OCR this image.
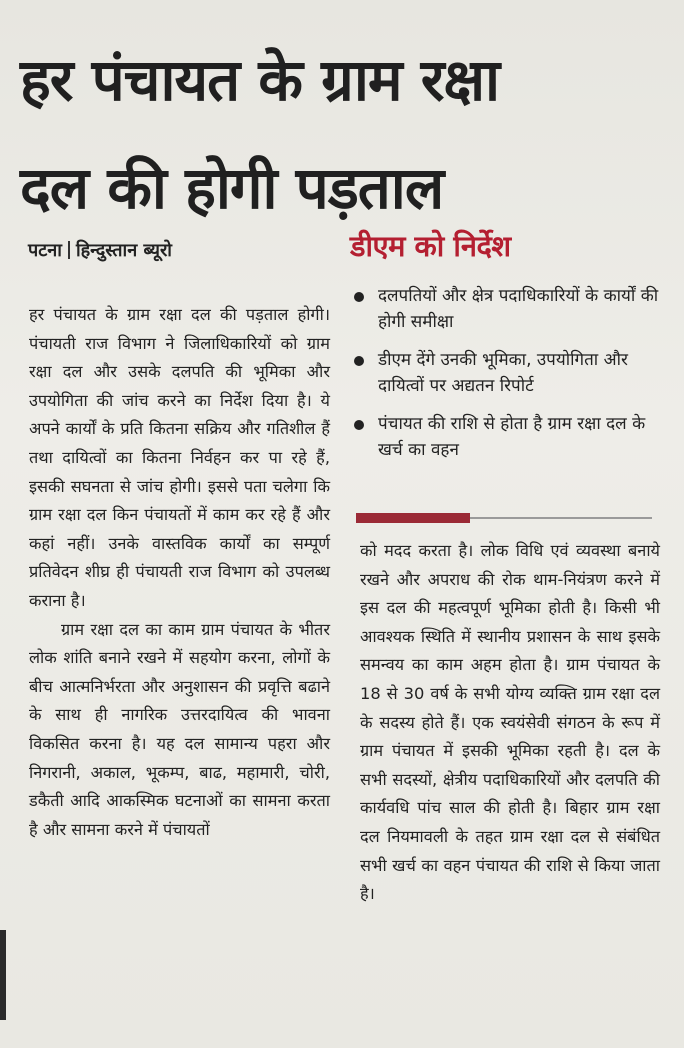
हर पंचायत के ग्राम रक्षा
दल की होगी पड़ताल
पटना हिन्दुस्तान ब्यूरो	डीएम को निर्देश
दलपतियों और क्षेत्र पदाधिकारियों के कार्यों की होगी समीक्षा
डीएम देंगे उनकी भूमिका, उपयोगिता और दायित्वों पर अद्यतन रिपोर्ट
पंचायत की राशि से होता है ग्राम रक्षा दल के खर्च का वहन

हर पंचायत के ग्राम रक्षा दल की पड़ताल होगी। पंचायती राज विभाग ने जिलाधिकारियों को ग्राम रक्षा दल और उसके दलपति की भूमिका और उपयोगिता की जांच करने का निर्देश दिया है। ये अपने कार्यों के प्रति कितना सक्रिय और गतिशील हैं तथा दायित्वों का कितना निर्वहन कर पा रहे हैं, इसकी सघनता से जांच होगी। इससे पता चलेगा कि ग्राम रक्षा दल किन पंचायतों में काम कर रहे हैं और कहां नहीं। उनके वास्तविक कार्यों का सम्पूर्ण प्रतिवेदन शीघ्र ही पंचायती राज विभाग को उपलब्ध कराना है।

ग्राम रक्षा दल का काम ग्राम पंचायत के भीतर लोक शांति बनाने रखने में सहयोग करना, लोगों के बीच आत्मनिर्भरता और अनुशासन की प्रवृत्ति बढाने के साथ ही नागरिक उत्तरदायित्व की भावना विकसित करना है। यह दल सामान्य पहरा और निगरानी, अकाल, भूकम्प, बाढ, महामारी, चोरी, डकैती आदि आकस्मिक घटनाओं का सामना करता है और सामना करने में पंचायतों

को मदद करता है। लोक विधि एवं व्यवस्था बनाये रखने और अपराध की रोक थाम-नियंत्रण करने में इस दल की महत्वपूर्ण भूमिका होती है। किसी भी आवश्यक स्थिति में स्थानीय प्रशासन के साथ इसके समन्वय का काम अहम होता है। ग्राम पंचायत के 18 से 30 वर्ष के सभी योग्य व्यक्ति ग्राम रक्षा दल के सदस्य होते हैं। एक स्वयंसेवी संगठन के रूप में ग्राम पंचायत में इसकी भूमिका रहती है। दल के सभी सदस्यों, क्षेत्रीय पदाधिकारियों और दलपति की कार्यवधि पांच साल की होती है। बिहार ग्राम रक्षा दल नियमावली के तहत ग्राम रक्षा दल से संबंधित सभी खर्च का वहन पंचायत की राशि से किया जाता है।
